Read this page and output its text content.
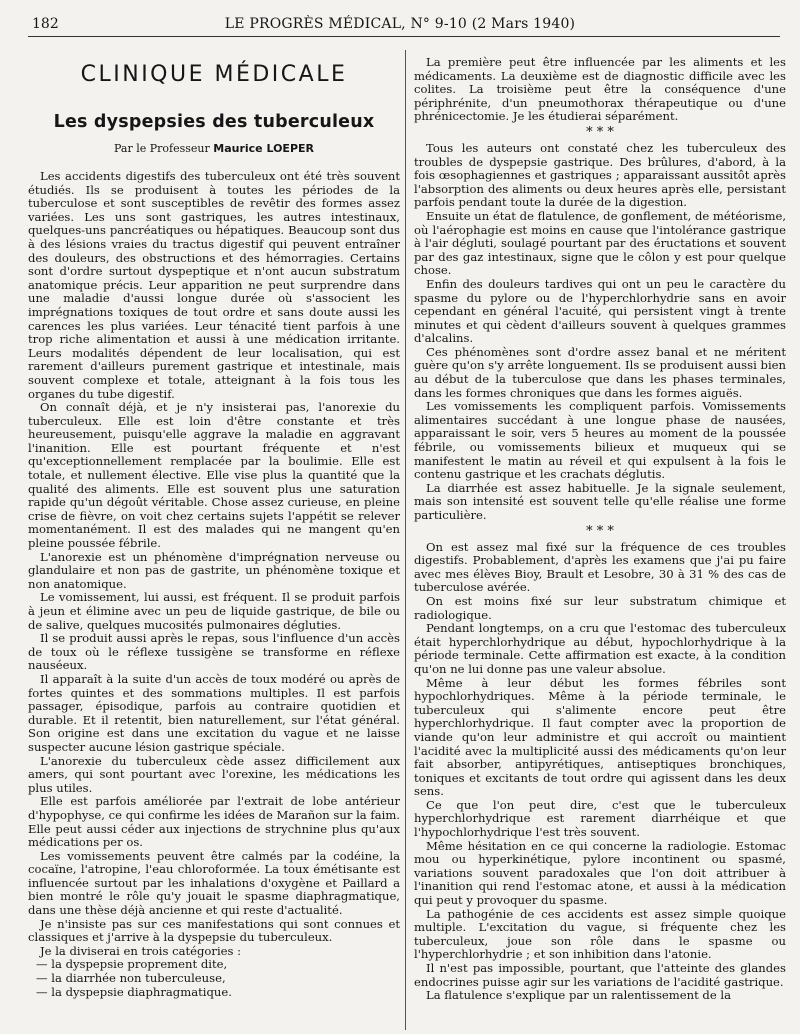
182	LE PROGRÈS MÉDICAL, N° 9-10 (2 Mars 1940)
CLINIQUE MÉDICALE
Les dyspepsies des tuberculeux
Par le Professeur Maurice LOEPER

Les accidents digestifs des tuberculeux ont été très souvent étudiés. Ils se produisent à toutes les périodes de la tuberculose et sont susceptibles de revêtir des formes assez variées. Les uns sont gastriques, les autres intestinaux, quelques-uns pancréatiques ou hépatiques. Beaucoup sont dus à des lésions vraies du tractus digestif qui peuvent entraîner des douleurs, des obstructions et des hémorragies. Certains sont d'ordre surtout dyspeptique et n'ont aucun substratum anatomique précis. Leur apparition ne peut surprendre dans une maladie d'aussi longue durée où s'associent les imprégnations toxiques de tout ordre et sans doute aussi les carences les plus variées. Leur ténacité tient parfois à une trop riche alimentation et aussi à une médication irritante. Leurs modalités dépendent de leur localisation, qui est rarement d'ailleurs purement gastrique et intestinale, mais souvent complexe et totale, atteignant à la fois tous les organes du tube digestif.

On connaît déjà, et je n'y insisterai pas, l'anorexie du tuberculeux. Elle est loin d'être constante et très heureusement, puisqu'elle aggrave la maladie en aggravant l'inanition. Elle est pourtant fréquente et n'est qu'exceptionnellement remplacée par la boulimie. Elle est totale, et nullement élective. Elle vise plus la quantité que la qualité des aliments. Elle est souvent plus une saturation rapide qu'un dégoût véritable. Chose assez curieuse, en pleine crise de fièvre, on voit chez certains sujets l'appétit se relever momentanément. Il est des malades qui ne mangent qu'en pleine poussée fébrile.

L'anorexie est un phénomène d'imprégnation nerveuse ou glandulaire et non pas de gastrite, un phénomène toxique et non anatomique.

Le vomissement, lui aussi, est fréquent. Il se produit parfois à jeun et élimine avec un peu de liquide gastrique, de bile ou de salive, quelques mucosités pulmonaires dégluties.

Il se produit aussi après le repas, sous l'influence d'un accès de toux où le réflexe tussigène se transforme en réflexe nauséeux.

Il apparaît à la suite d'un accès de toux modéré ou après de fortes quintes et des sommations multiples. Il est parfois passager, épisodique, parfois au contraire quotidien et durable. Et il retentit, bien naturellement, sur l'état général. Son origine est dans une excitation du vague et ne laisse suspecter aucune lésion gastrique spéciale.

L'anorexie du tuberculeux cède assez difficilement aux amers, qui sont pourtant avec l'orexine, les médications les plus utiles.

Elle est parfois améliorée par l'extrait de lobe antérieur d'hypophyse, ce qui confirme les idées de Marañon sur la faim. Elle peut aussi céder aux injections de strychnine plus qu'aux médications per os.

Les vomissements peuvent être calmés par la codéine, la cocaïne, l'atropine, l'eau chloroformée. La toux émétisante est influencée surtout par les inhalations d'oxygène et Paillard a bien montré le rôle qu'y jouait le spasme diaphragmatique, dans une thèse déjà ancienne et qui reste d'actualité.

Je n'insiste pas sur ces manifestations qui sont connues et classiques et j'arrive à la dyspepsie du tuberculeux.

Je la diviserai en trois catégories :

— la dyspepsie proprement dite,

— la diarrhée non tuberculeuse,

— la dyspepsie diaphragmatique.

La première peut être influencée par les aliments et les médicaments. La deuxième est de diagnostic difficile avec les colites. La troisième peut être la conséquence d'une périphrénite, d'un pneumothorax thérapeutique ou d'une phrénicectomie. Je les étudierai séparément.

* * *

Tous les auteurs ont constaté chez les tuberculeux des troubles de dyspepsie gastrique. Des brûlures, d'abord, à la fois œsophagiennes et gastriques ; apparaissant aussitôt après l'absorption des aliments ou deux heures après elle, persistant parfois pendant toute la durée de la digestion.

Ensuite un état de flatulence, de gonflement, de météorisme, où l'aérophagie est moins en cause que l'intolérance gastrique à l'air dégluti, soulagé pourtant par des éructations et souvent par des gaz intestinaux, signe que le côlon y est pour quelque chose.

Enfin des douleurs tardives qui ont un peu le caractère du spasme du pylore ou de l'hyperchlorhydrie sans en avoir cependant en général l'acuité, qui persistent vingt à trente minutes et qui cèdent d'ailleurs souvent à quelques grammes d'alcalins.

Ces phénomènes sont d'ordre assez banal et ne méritent guère qu'on s'y arrête longuement. Ils se produisent aussi bien au début de la tuberculose que dans les phases terminales, dans les formes chroniques que dans les formes aiguës.

Les vomissements les compliquent parfois. Vomissements alimentaires succédant à une longue phase de nausées, apparaissant le soir, vers 5 heures au moment de la poussée fébrile, ou vomissements bilieux et muqueux qui se manifestent le matin au réveil et qui expulsent à la fois le contenu gastrique et les crachats déglutis.

La diarrhée est assez habituelle. Je la signale seulement, mais son intensité est souvent telle qu'elle réalise une forme particulière.

* * *

On est assez mal fixé sur la fréquence de ces troubles digestifs. Probablement, d'après les examens que j'ai pu faire avec mes élèves Bioy, Brault et Lesobre, 30 à 31 % des cas de tuberculose avérée.

On est moins fixé sur leur substratum chimique et radiologique.

Pendant longtemps, on a cru que l'estomac des tuberculeux était hyperchlorhydrique au début, hypochlorhydrique à la période terminale. Cette affirmation est exacte, à la condition qu'on ne lui donne pas une valeur absolue.

Même à leur début les formes fébriles sont hypochlorhydriques. Même à la période terminale, le tuberculeux qui s'alimente encore peut être hyperchlorhydrique. Il faut compter avec la proportion de viande qu'on leur administre et qui accroît ou maintient l'acidité avec la multiplicité aussi des médicaments qu'on leur fait absorber, antipyrétiques, antiseptiques bronchiques, toniques et excitants de tout ordre qui agissent dans les deux sens.

Ce que l'on peut dire, c'est que le tuberculeux hyperchlorhydrique est rarement diarrhéique et que l'hypochlorhydrique l'est très souvent.

Même hésitation en ce qui concerne la radiologie. Estomac mou ou hyperkinétique, pylore incontinent ou spasmé, variations souvent paradoxales que l'on doit attribuer à l'inanition qui rend l'estomac atone, et aussi à la médication qui peut y provoquer du spasme.

La pathogénie de ces accidents est assez simple quoique multiple. L'excitation du vague, si fréquente chez les tuberculeux, joue son rôle dans le spasme ou l'hyperchlorhydrie ; et son inhibition dans l'atonie.

Il n'est pas impossible, pourtant, que l'atteinte des glandes endocrines puisse agir sur les variations de l'acidité gastrique.

La flatulence s'explique par un ralentissement de la
